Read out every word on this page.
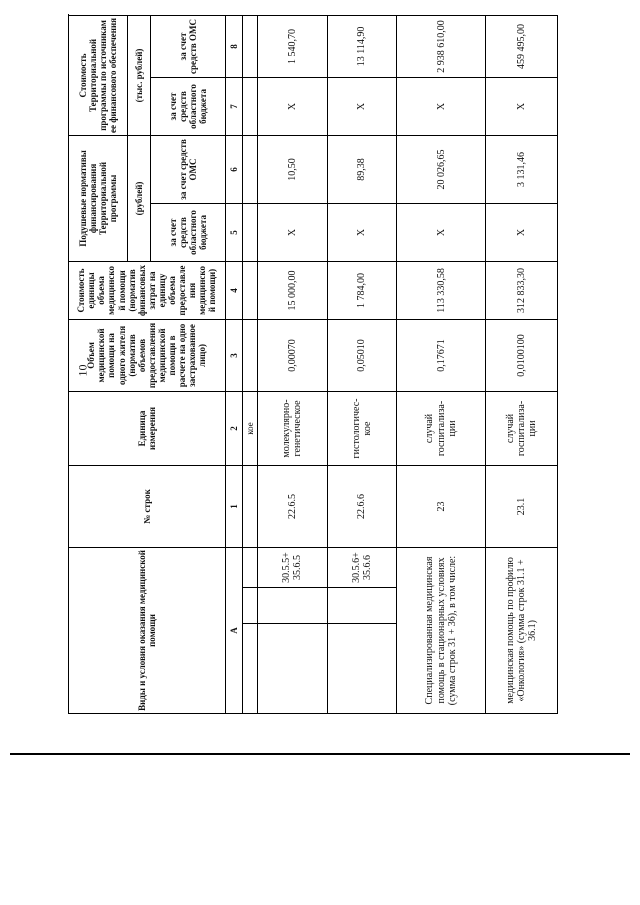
10
Виды и условия оказания медицинской помощи			№ строк	Единица измерения	Объем медицинской помощи на одного жителя (норматив объемов предоставления медицинской помощи в расчете на одно застрахованное лицо)	Стоимость единицы объема медицинской помощи (норматив финансовых затрат на единицу объема предоставления медицинской помощи)	Подушевые нормативы финансирования Территориальной программы		Стоимость Территориальной программы по источникам ее финансового обеспечения		
							(рублей)		(тыс. рублей)	
							за счет средств областного бюджета	за счет средств ОМС	за счет средств областного бюджета	за счет средств ОМС	
А			1	2	3	4	5	6	7	8	
				кое							
		30.5.5+35.6.5	22.6.5	молекулярно-генетическое	0,00070	15 000,00	Х	10,50	Х	1 540,70	
		30.5.6+35.6.6	22.6.6	гистологичес-кое	0,05010	1 784,00	Х	89,38	Х	13 114,90	
Специализированная медицинская помощь в стационарных условиях (сумма строк 31 + 36), в том числе:			23	случай госпитализа-ции	0,17671	113 330,58	Х	20 026,65	Х	2 938 610,00	
медицинская помощь по профилю «Онкология» (сумма строк 31.1 + 36.1)			23.1	случай госпитализа-ции	0,0100100	312 833,30	Х	3 131,46	Х	459 495,00	
